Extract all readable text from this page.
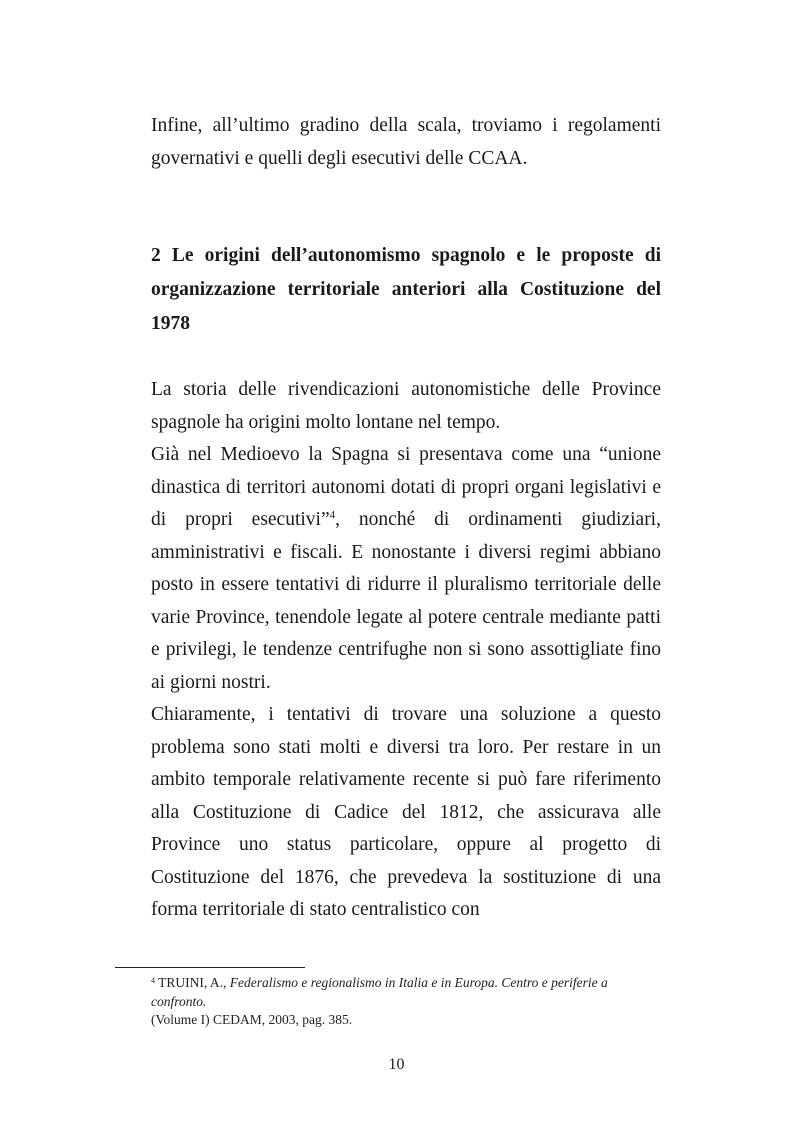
Infine, all’ultimo gradino della scala, troviamo i regolamenti governativi e quelli degli esecutivi delle CCAA.

2 Le origini dell’autonomismo spagnolo e le proposte di organizzazione territoriale anteriori alla Costituzione del 1978

La storia delle rivendicazioni autonomistiche delle Province spagnole ha origini molto lontane nel tempo.

Già nel Medioevo la Spagna si presentava come una “unione dinastica di territori autonomi dotati di propri organi legislativi e di propri esecutivi”$^4$, nonché di ordinamenti giudiziari, amministrativi e fiscali. E nonostante i diversi regimi abbiano posto in essere tentativi di ridurre il pluralismo territoriale delle varie Province, tenendole legate al potere centrale mediante patti e privilegi, le tendenze centrifughe non si sono assottigliate fino ai giorni nostri.

Chiaramente, i tentativi di trovare una soluzione a questo problema sono stati molti e diversi tra loro. Per restare in un ambito temporale relativamente recente si può fare riferimento alla Costituzione di Cadice del 1812, che assicurava alle Province uno status particolare, oppure al progetto di Costituzione del 1876, che prevedeva la sostituzione di una forma territoriale di stato centralistico con

$^4$ TRUINI, A., Federalismo e regionalismo in Italia e in Europa. Centro e periferie a confronto.
(Volume I) CEDAM, 2003, pag. 385.
10
